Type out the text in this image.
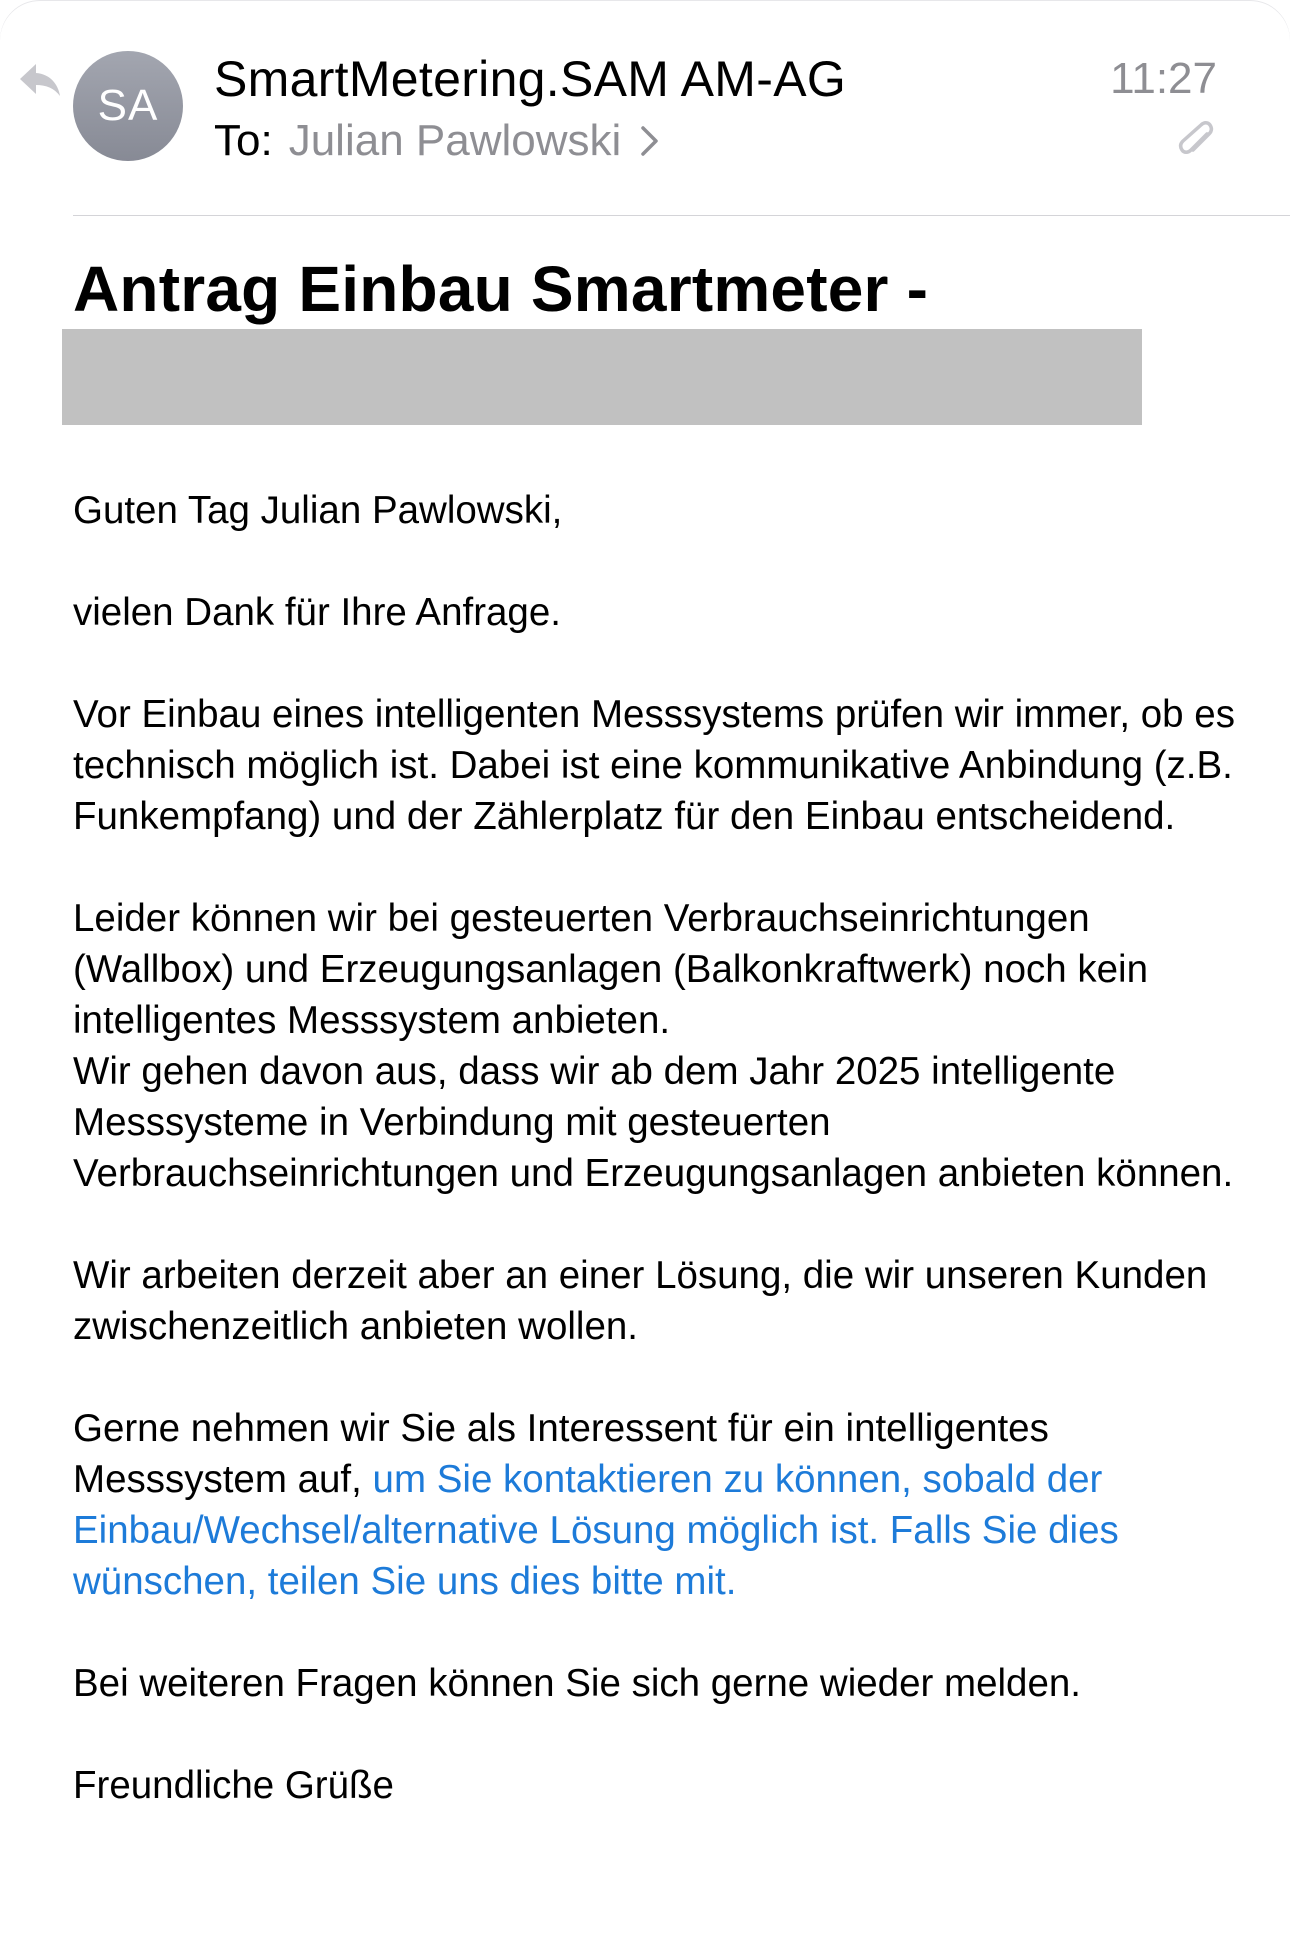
SA SmartMetering.SAM AM-AG
To: Julian Pawlowski
11:27
Antrag Einbau Smartmeter -

Guten Tag Julian Pawlowski,

vielen Dank für Ihre Anfrage.

Vor Einbau eines intelligenten Messsystems prüfen wir immer, ob es technisch möglich ist. Dabei ist eine kommunikative Anbindung (z.B. Funkempfang) und der Zählerplatz für den Einbau entscheidend.

Leider können wir bei gesteuerten Verbrauchseinrichtungen (Wallbox) und Erzeugungsanlagen (Balkonkraftwerk) noch kein intelligentes Messsystem anbieten.

Wir gehen davon aus, dass wir ab dem Jahr 2025 intelligente Messsysteme in Verbindung mit gesteuerten Verbrauchseinrichtungen und Erzeugungsanlagen anbieten können.

Wir arbeiten derzeit aber an einer Lösung, die wir unseren Kunden zwischenzeitlich anbieten wollen.

Gerne nehmen wir Sie als Interessent für ein intelligentes Messsystem auf, um Sie kontaktieren zu können, sobald der Einbau/Wechsel/alternative Lösung möglich ist. Falls Sie dies wünschen, teilen Sie uns dies bitte mit.

Bei weiteren Fragen können Sie sich gerne wieder melden.

Freundliche Grüße
